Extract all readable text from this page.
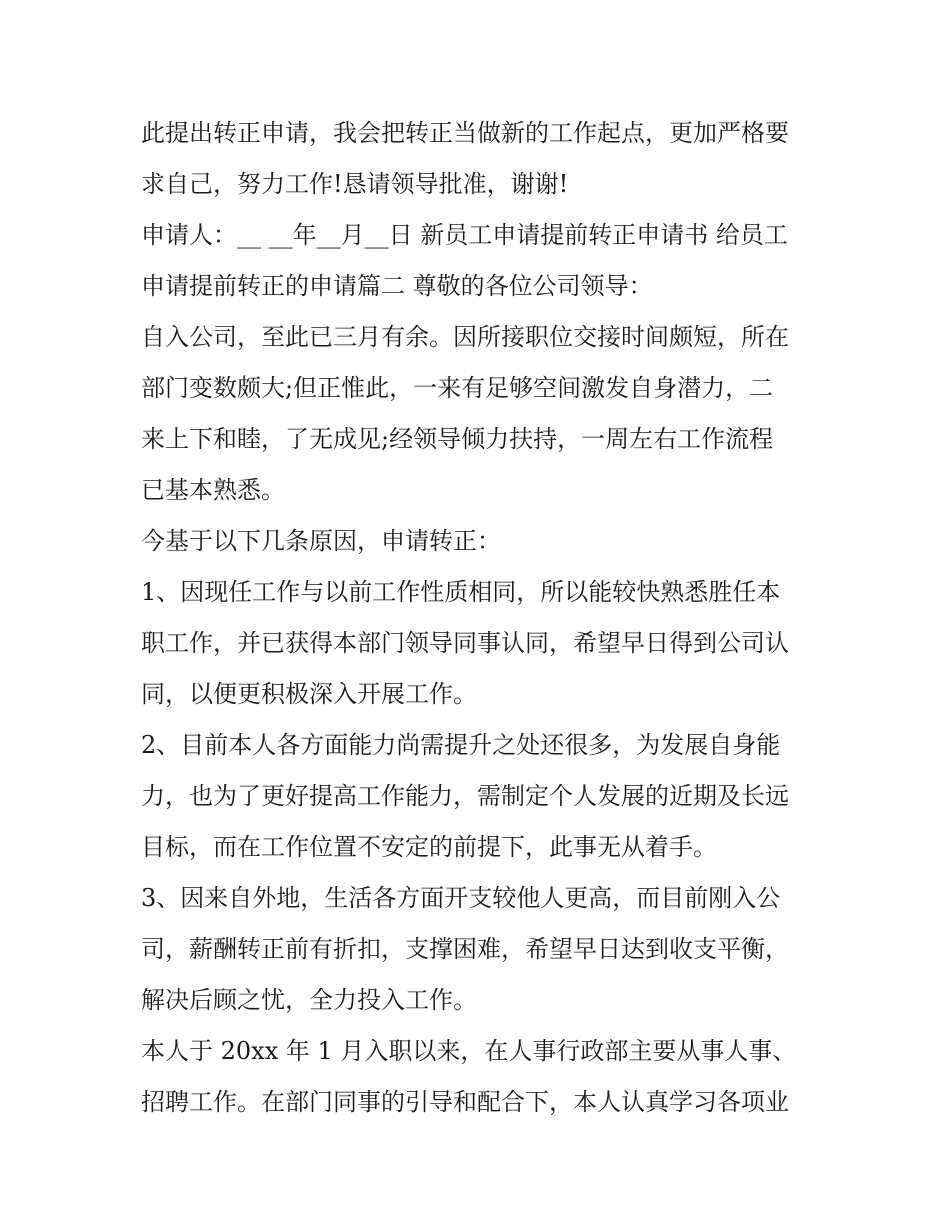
此提出转正申请，我会把转正当做新的工作起点，更加严格要
求自己，努力工作!恳请领导批准，谢谢!
申请人：__ __年__月__日 新员工申请提前转正申请书 给员工
申请提前转正的申请篇二 尊敬的各位公司领导：
自入公司，至此已三月有余。因所接职位交接时间颇短，所在
部门变数颇大;但正惟此，一来有足够空间激发自身潜力，二
来上下和睦，了无成见;经领导倾力扶持，一周左右工作流程
已基本熟悉。
今基于以下几条原因，申请转正：
1、因现任工作与以前工作性质相同，所以能较快熟悉胜任本
职工作，并已获得本部门领导同事认同，希望早日得到公司认
同，以便更积极深入开展工作。
2、目前本人各方面能力尚需提升之处还很多，为发展自身能
力，也为了更好提高工作能力，需制定个人发展的近期及长远
目标，而在工作位置不安定的前提下，此事无从着手。
3、因来自外地，生活各方面开支较他人更高，而目前刚入公
司，薪酬转正前有折扣，支撑困难，希望早日达到收支平衡，
解决后顾之忧，全力投入工作。
本人于 20xx 年 1 月入职以来，在人事行政部主要从事人事、
招聘工作。在部门同事的引导和配合下，本人认真学习各项业
